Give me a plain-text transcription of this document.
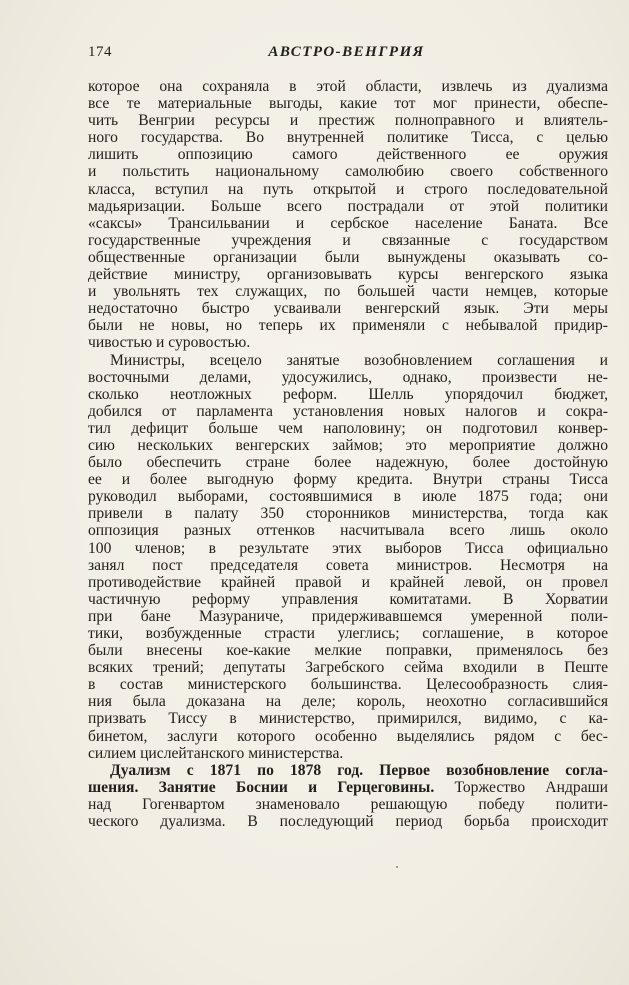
174	АВСТРО-ВЕНГРИЯ
которое она сохраняла в этой области, извлечь из дуализма
все те материальные выгоды, какие тот мог принести, обеспе-
чить Венгрии ресурсы и престиж полноправного и влиятель-
ного государства. Во внутренней политике Тисса, с целью
лишить оппозицию самого действенного ее оружия
и польстить национальному самолюбию своего собственного
класса, вступил на путь открытой и строго последовательной
мадьяризации. Больше всего пострадали от этой политики
«саксы» Трансильвании и сербское население Баната. Все
государственные учреждения и связанные с государством
общественные организации были вынуждены оказывать со-
действие министру, организовывать курсы венгерского языка
и увольнять тех служащих, по большей части немцев, которые
недостаточно быстро усваивали венгерский язык. Эти меры
были не новы, но теперь их применяли с небывалой придир-
чивостью и суровостью.
Министры, всецело занятые возобновлением соглашения и
восточными делами, удосужились, однако, произвести не-
сколько неотложных реформ. Шелль упорядочил бюджет,
добился от парламента установления новых налогов и сокра-
тил дефицит больше чем наполовину; он подготовил конвер-
сию нескольких венгерских займов; это мероприятие должно
было обеспечить стране более надежную, более достойную
ее и более выгодную форму кредита. Внутри страны Тисса
руководил выборами, состоявшимися в июле 1875 года; они
привели в палату 350 сторонников министерства, тогда как
оппозиция разных оттенков насчитывала всего лишь около
100 членов; в результате этих выборов Тисса официально
занял пост председателя совета министров. Несмотря на
противодействие крайней правой и крайней левой, он провел
частичную реформу управления комитатами. В Хорватии
при бане Мазураниче, придерживавшемся умеренной поли-
тики, возбужденные страсти улеглись; соглашение, в которое
были внесены кое-какие мелкие поправки, применялось без
всяких трений; депутаты Загребского сейма входили в Пеште
в состав министерского большинства. Целесообразность слия-
ния была доказана на деле; король, неохотно согласившийся
призвать Тиссу в министерство, примирился, видимо, с ка-
бинетом, заслуги которого особенно выделялись рядом с бес-
силием цислейтанского министерства.
Дуализм с 1871 по 1878 год. Первое возобновление согла-
шения. Занятие Боснии и Герцеговины. Торжество Андраши
над Гогенвартом знаменовало решающую победу полити-
ческого дуализма. В последующий период борьба происходит
